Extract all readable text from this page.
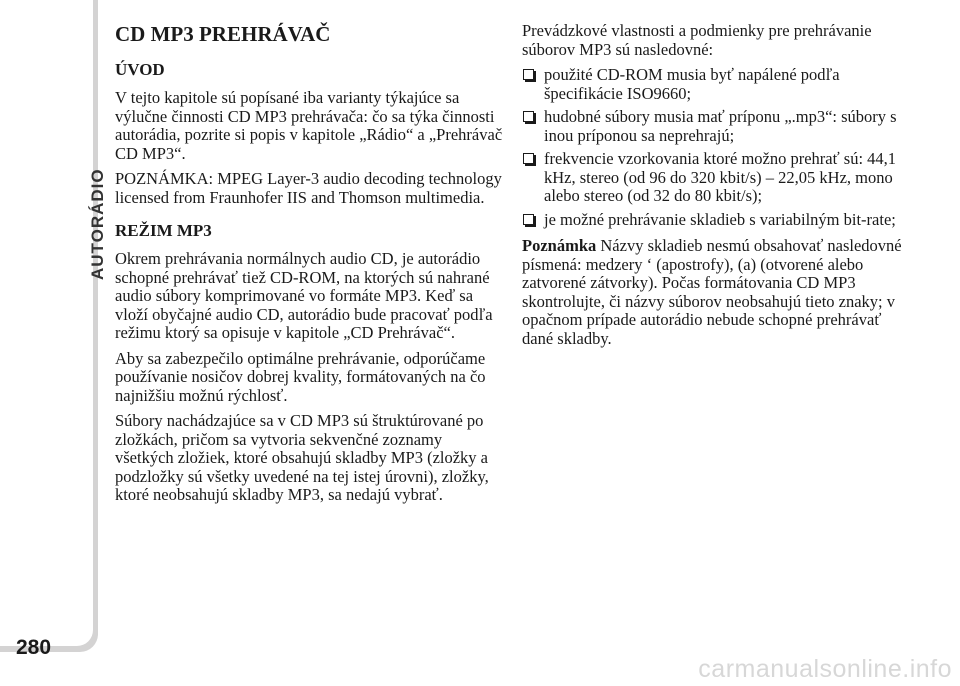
AUTORÁDIO
280
CD MP3 PREHRÁVAČ
ÚVOD

V tejto kapitole sú popísané iba varianty týkajúce sa výlučne činnosti CD MP3 prehrávača: čo sa týka činnosti autorádia, pozrite si popis v kapitole „Rádio“ a „Prehrávač CD MP3“.

POZNÁMKA: MPEG Layer-3 audio decoding technology licensed from Fraunhofer IIS and Thomson multimedia.

REŽIM MP3

Okrem prehrávania normálnych audio CD, je autorádio schopné prehrávať tiež CD-ROM, na ktorých sú nahrané audio súbory komprimované vo formáte MP3. Keď sa vloží obyčajné audio CD, autorádio bude pracovať podľa režimu ktorý sa opisuje v kapitole „CD Prehrávač“.

Aby sa zabezpečilo optimálne prehrávanie, odporúčame používanie nosičov dobrej kvality, formátovaných na čo najnižšiu možnú rýchlosť.

Súbory nachádzajúce sa v CD MP3 sú štruktúrované po zložkách, pričom sa vytvoria sekvenčné zoznamy všetkých zložiek, ktoré obsahujú skladby MP3 (zložky a podzložky sú všetky uvedené na tej istej úrovni), zložky, ktoré neobsahujú skladby MP3, sa nedajú vybrať.

Prevádzkové vlastnosti a podmienky pre prehrávanie súborov MP3 sú nasledovné:

použité CD-ROM musia byť napálené podľa špecifikácie ISO9660;
hudobné súbory musia mať príponu „.mp3“: súbory s inou príponou sa neprehrajú;
frekvencie vzorkovania ktoré možno prehrať sú: 44,1 kHz, stereo (od 96 do 320 kbit/s) – 22,05 kHz, mono alebo stereo (od 32 do 80 kbit/s);
je možné prehrávanie skladieb s variabilným bit-rate;

Poznámka Názvy skladieb nesmú obsahovať nasledovné písmená: medzery ‘ (apostrofy), (a) (otvorené alebo zatvorené zátvorky). Počas formátovania CD MP3 skontrolujte, či názvy súborov neobsahujú tieto znaky; v opačnom prípade autorádio nebude schopné prehrávať dané skladby.

carmanualsonline.info
